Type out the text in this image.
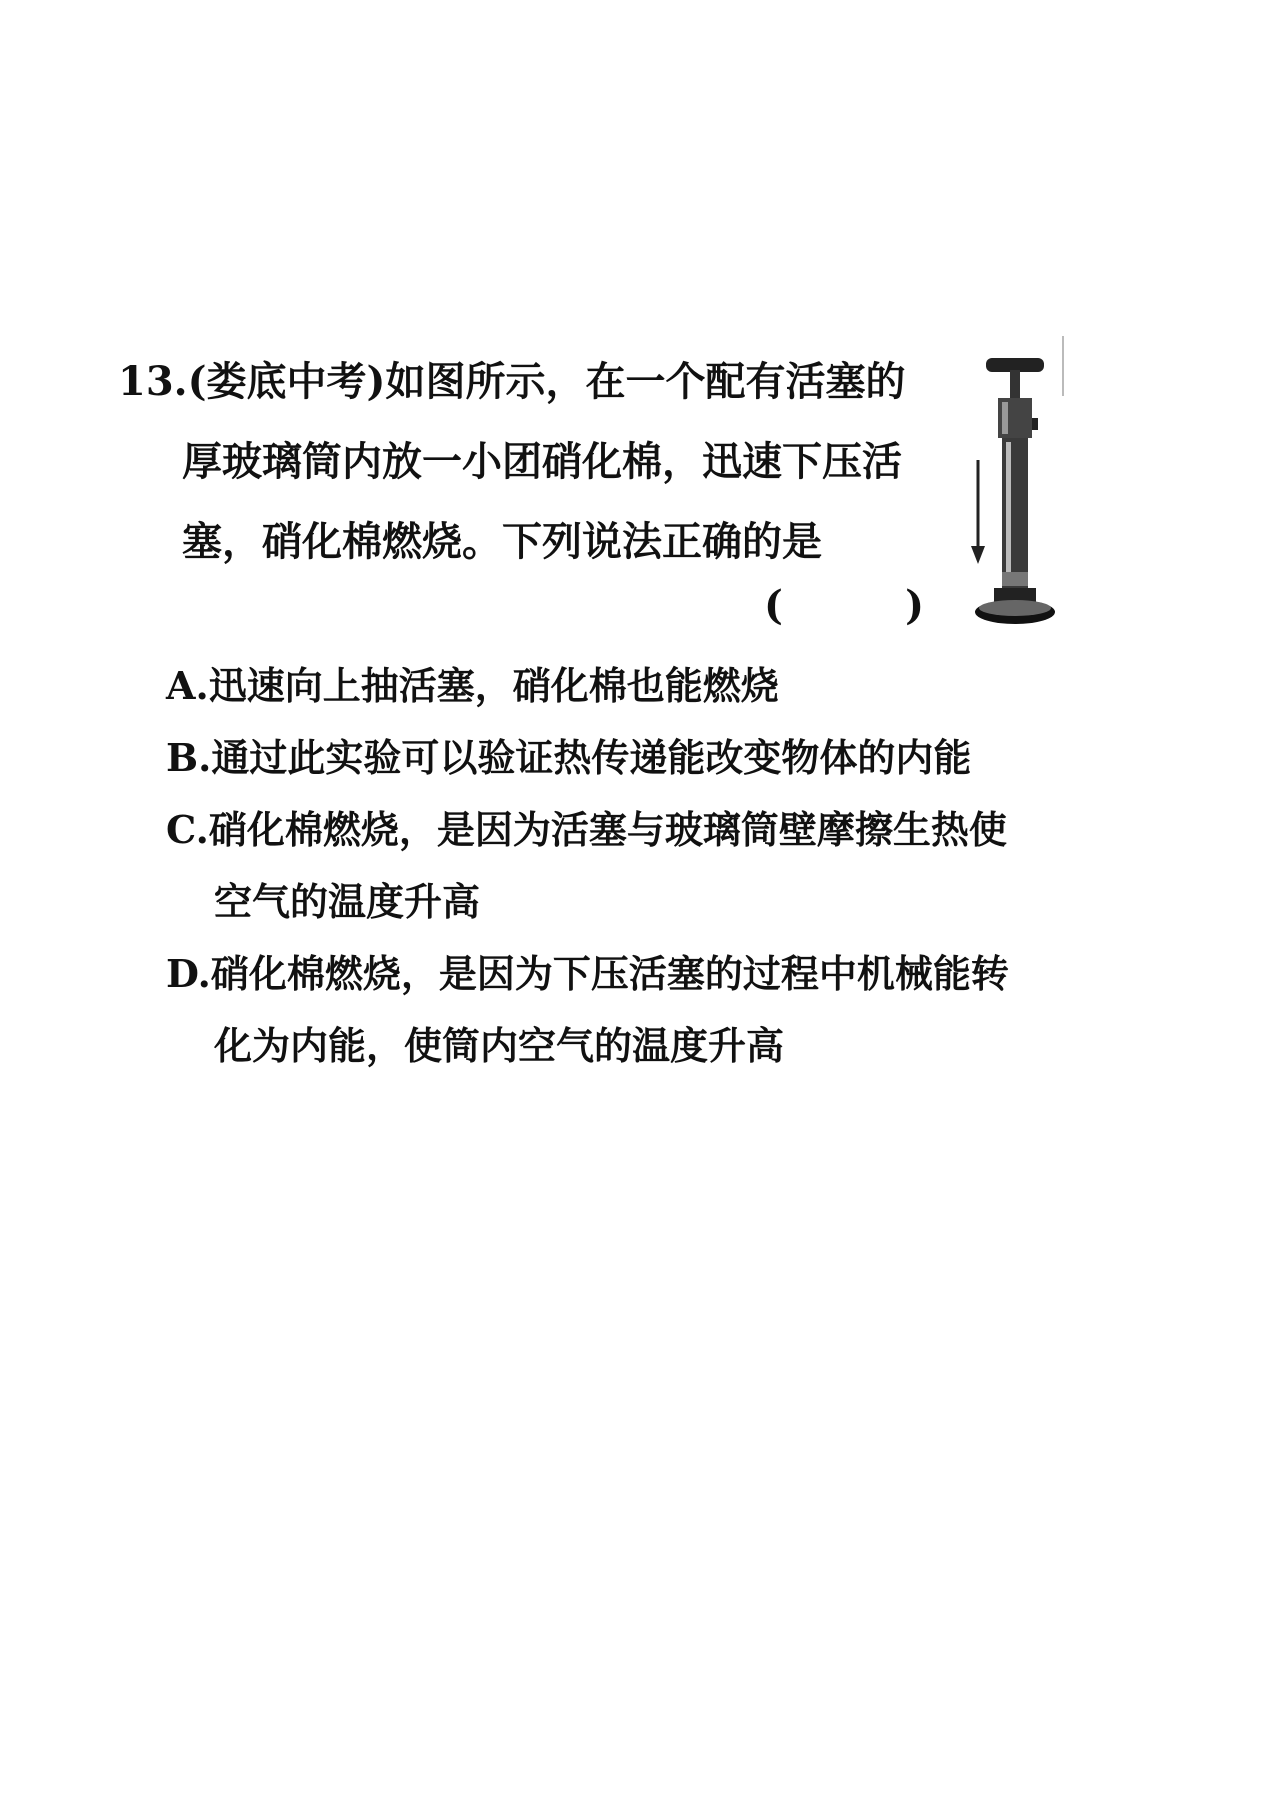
13.(娄底中考)如图所示，在一个配有活塞的
厚玻璃筒内放一小团硝化棉，迅速下压活
塞，硝化棉燃烧。下列说法正确的是
(	)
A.迅速向上抽活塞，硝化棉也能燃烧
B.通过此实验可以验证热传递能改变物体的内能
C.硝化棉燃烧，是因为活塞与玻璃筒壁摩擦生热使
空气的温度升高
D.硝化棉燃烧，是因为下压活塞的过程中机械能转
化为内能，使筒内空气的温度升高
